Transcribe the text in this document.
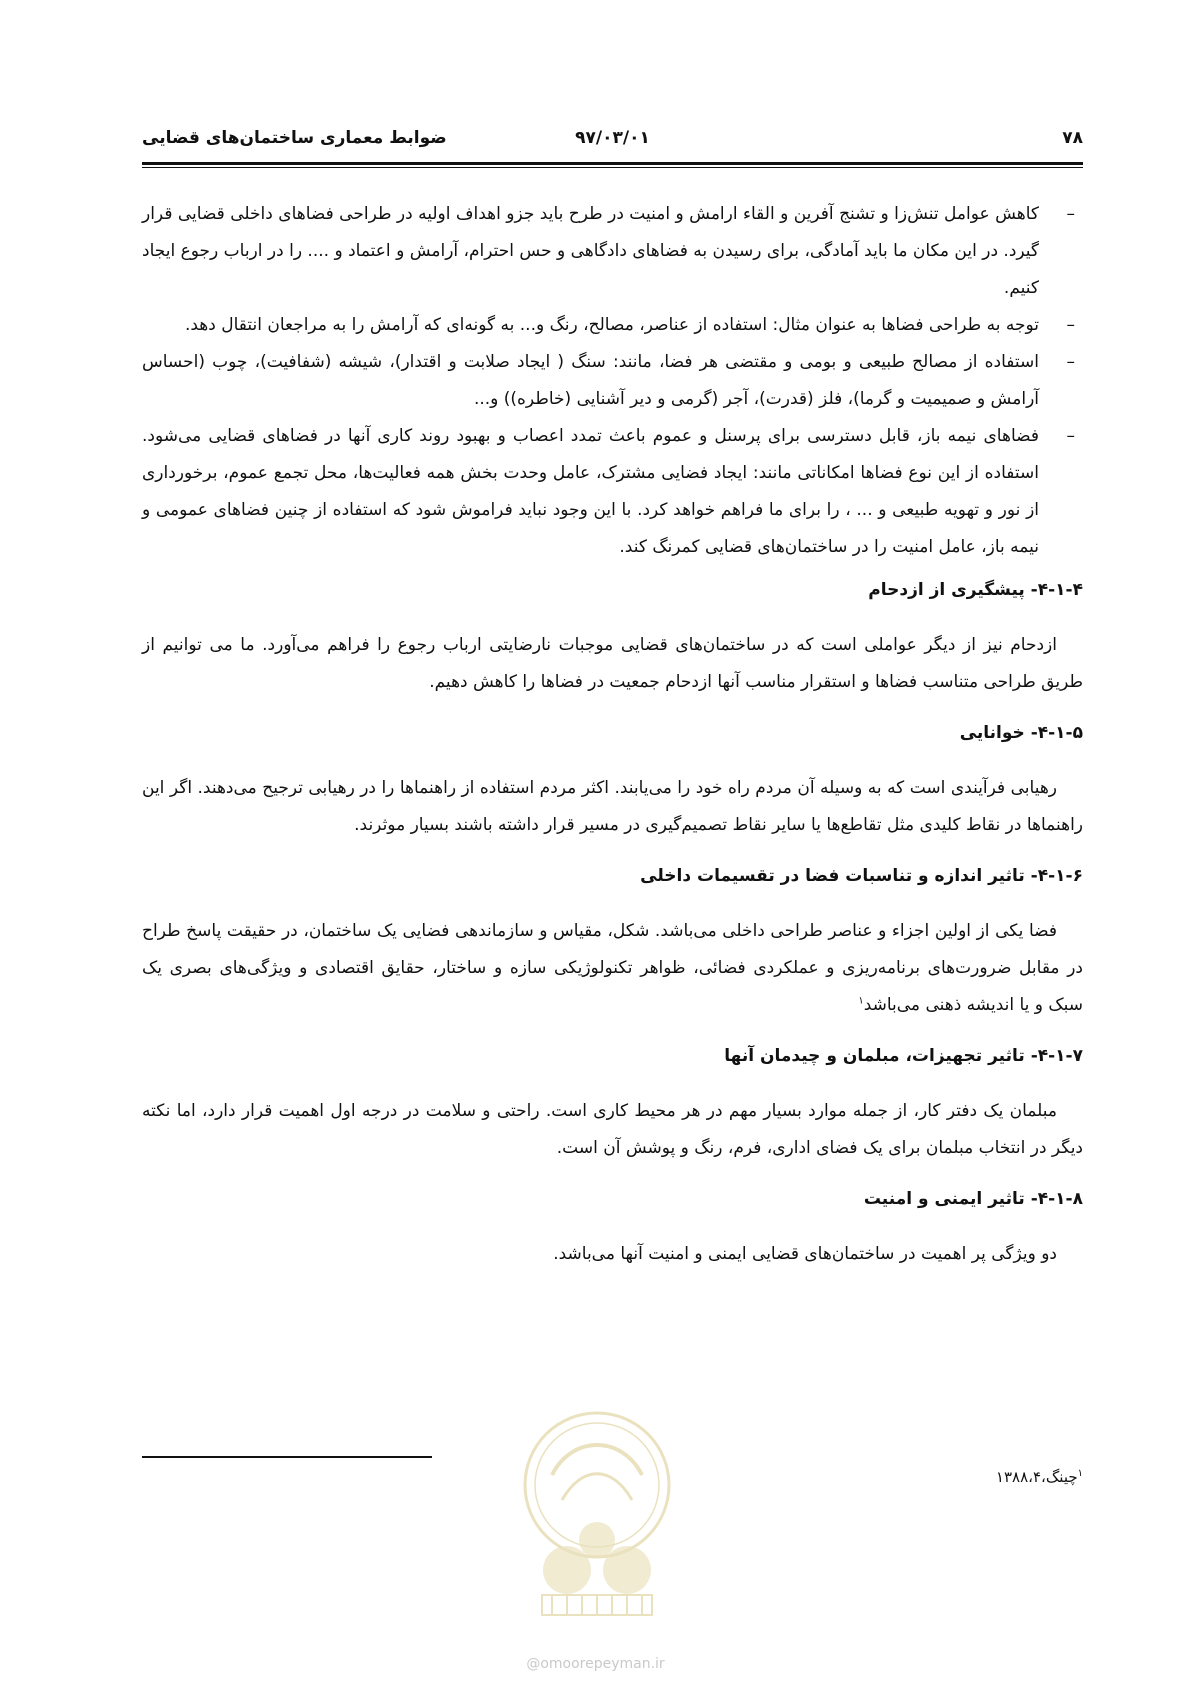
۷۸
۹۷/۰۳/۰۱
ضوابط معماری ساختمان‌های قضایی
–
کاهش عوامل تنش‌زا و تشنج آفرین و القاء ارامش و امنیت در طرح باید جزو اهداف اولیه در طراحی فضاهای داخلی قضایی قرار گیرد. در این مکان ما باید آمادگی، برای رسیدن به فضاهای دادگاهی و حس احترام، آرامش و اعتماد و .... را در ارباب رجوع ایجاد کنیم.
–
توجه به طراحی فضاها به عنوان مثال: استفاده از عناصر، مصالح، رنگ و... به گونه‌ای که آرامش را به مراجعان انتقال دهد.
–
استفاده از مصالح طبیعی و بومی و مقتضی هر فضا، مانند: سنگ ( ایجاد صلابت و اقتدار)، شیشه (شفافیت)، چوب (احساس آرامش و صمیمیت و گرما)، فلز (قدرت)، آجر (گرمی و دیر آشنایی (خاطره)) و...
–
فضاهای نیمه باز، قابل دسترسی برای پرسنل و عموم باعث تمدد اعصاب و بهبود روند کاری آنها در فضاهای قضایی می‌شود. استفاده از این نوع فضاها امکاناتی مانند: ایجاد فضایی مشترک، عامل وحدت بخش همه فعالیت‌ها، محل تجمع عموم، برخورداری از نور و تهویه طبیعی و ... ، را برای ما فراهم خواهد کرد. با این وجود نباید فراموش شود که استفاده از چنین فضاهای عمومی و نیمه باز، عامل امنیت را در ساختمان‌های قضایی کمرنگ کند.
۴-۱-۴- پیشگیری از ازدحام

ازدحام نیز از دیگر عواملی است که در ساختمان‌های قضایی موجبات نارضایتی ارباب رجوع را فراهم می‌آورد. ما می توانیم از طریق طراحی متناسب فضاها و استقرار مناسب آنها ازدحام جمعیت در فضاها را کاهش دهیم.

۴-۱-۵- خوانایی

رهیابی فرآیندی است که به وسیله آن مردم راه خود را می‌یابند. اکثر مردم استفاده از راهنماها را در رهیابی ترجیح می‌دهند. اگر این راهنماها در نقاط کلیدی مثل تقاطع‌ها یا سایر نقاط تصمیم‌گیری در مسیر قرار داشته باشند بسیار موثرند.

۴-۱-۶- تاثیر اندازه و تناسبات فضا در تقسیمات داخلی

فضا یکی از اولین اجزاء و عناصر طراحی داخلی می‌باشد. شکل، مقیاس و سازماندهی فضایی یک ساختمان، در حقیقت پاسخ طراح در مقابل ضرورت‌های برنامه‌ریزی و عملکردی فضائی، ظواهر تکنولوژیکی سازه و ساختار، حقایق اقتصادی و ویژگی‌های بصری یک سبک و یا اندیشه ذهنی می‌باشد$^۱$

۴-۱-۷- تاثیر تجهیزات، مبلمان و چیدمان آنها

مبلمان یک دفتر کار، از جمله موارد بسیار مهم در هر محیط کاری است. راحتی و سلامت در درجه اول اهمیت قرار دارد، اما نکته دیگر در انتخاب مبلمان برای یک فضای اداری، فرم، رنگ و پوشش آن است.

۴-۱-۸- تاثیر ایمنی و امنیت

دو ویژگی پر اهمیت در ساختمان‌های قضایی ایمنی و امنیت آنها می‌باشد.

$^۱$چینگ،۱۳۸۸،۴
@omoorepeyman.ir
